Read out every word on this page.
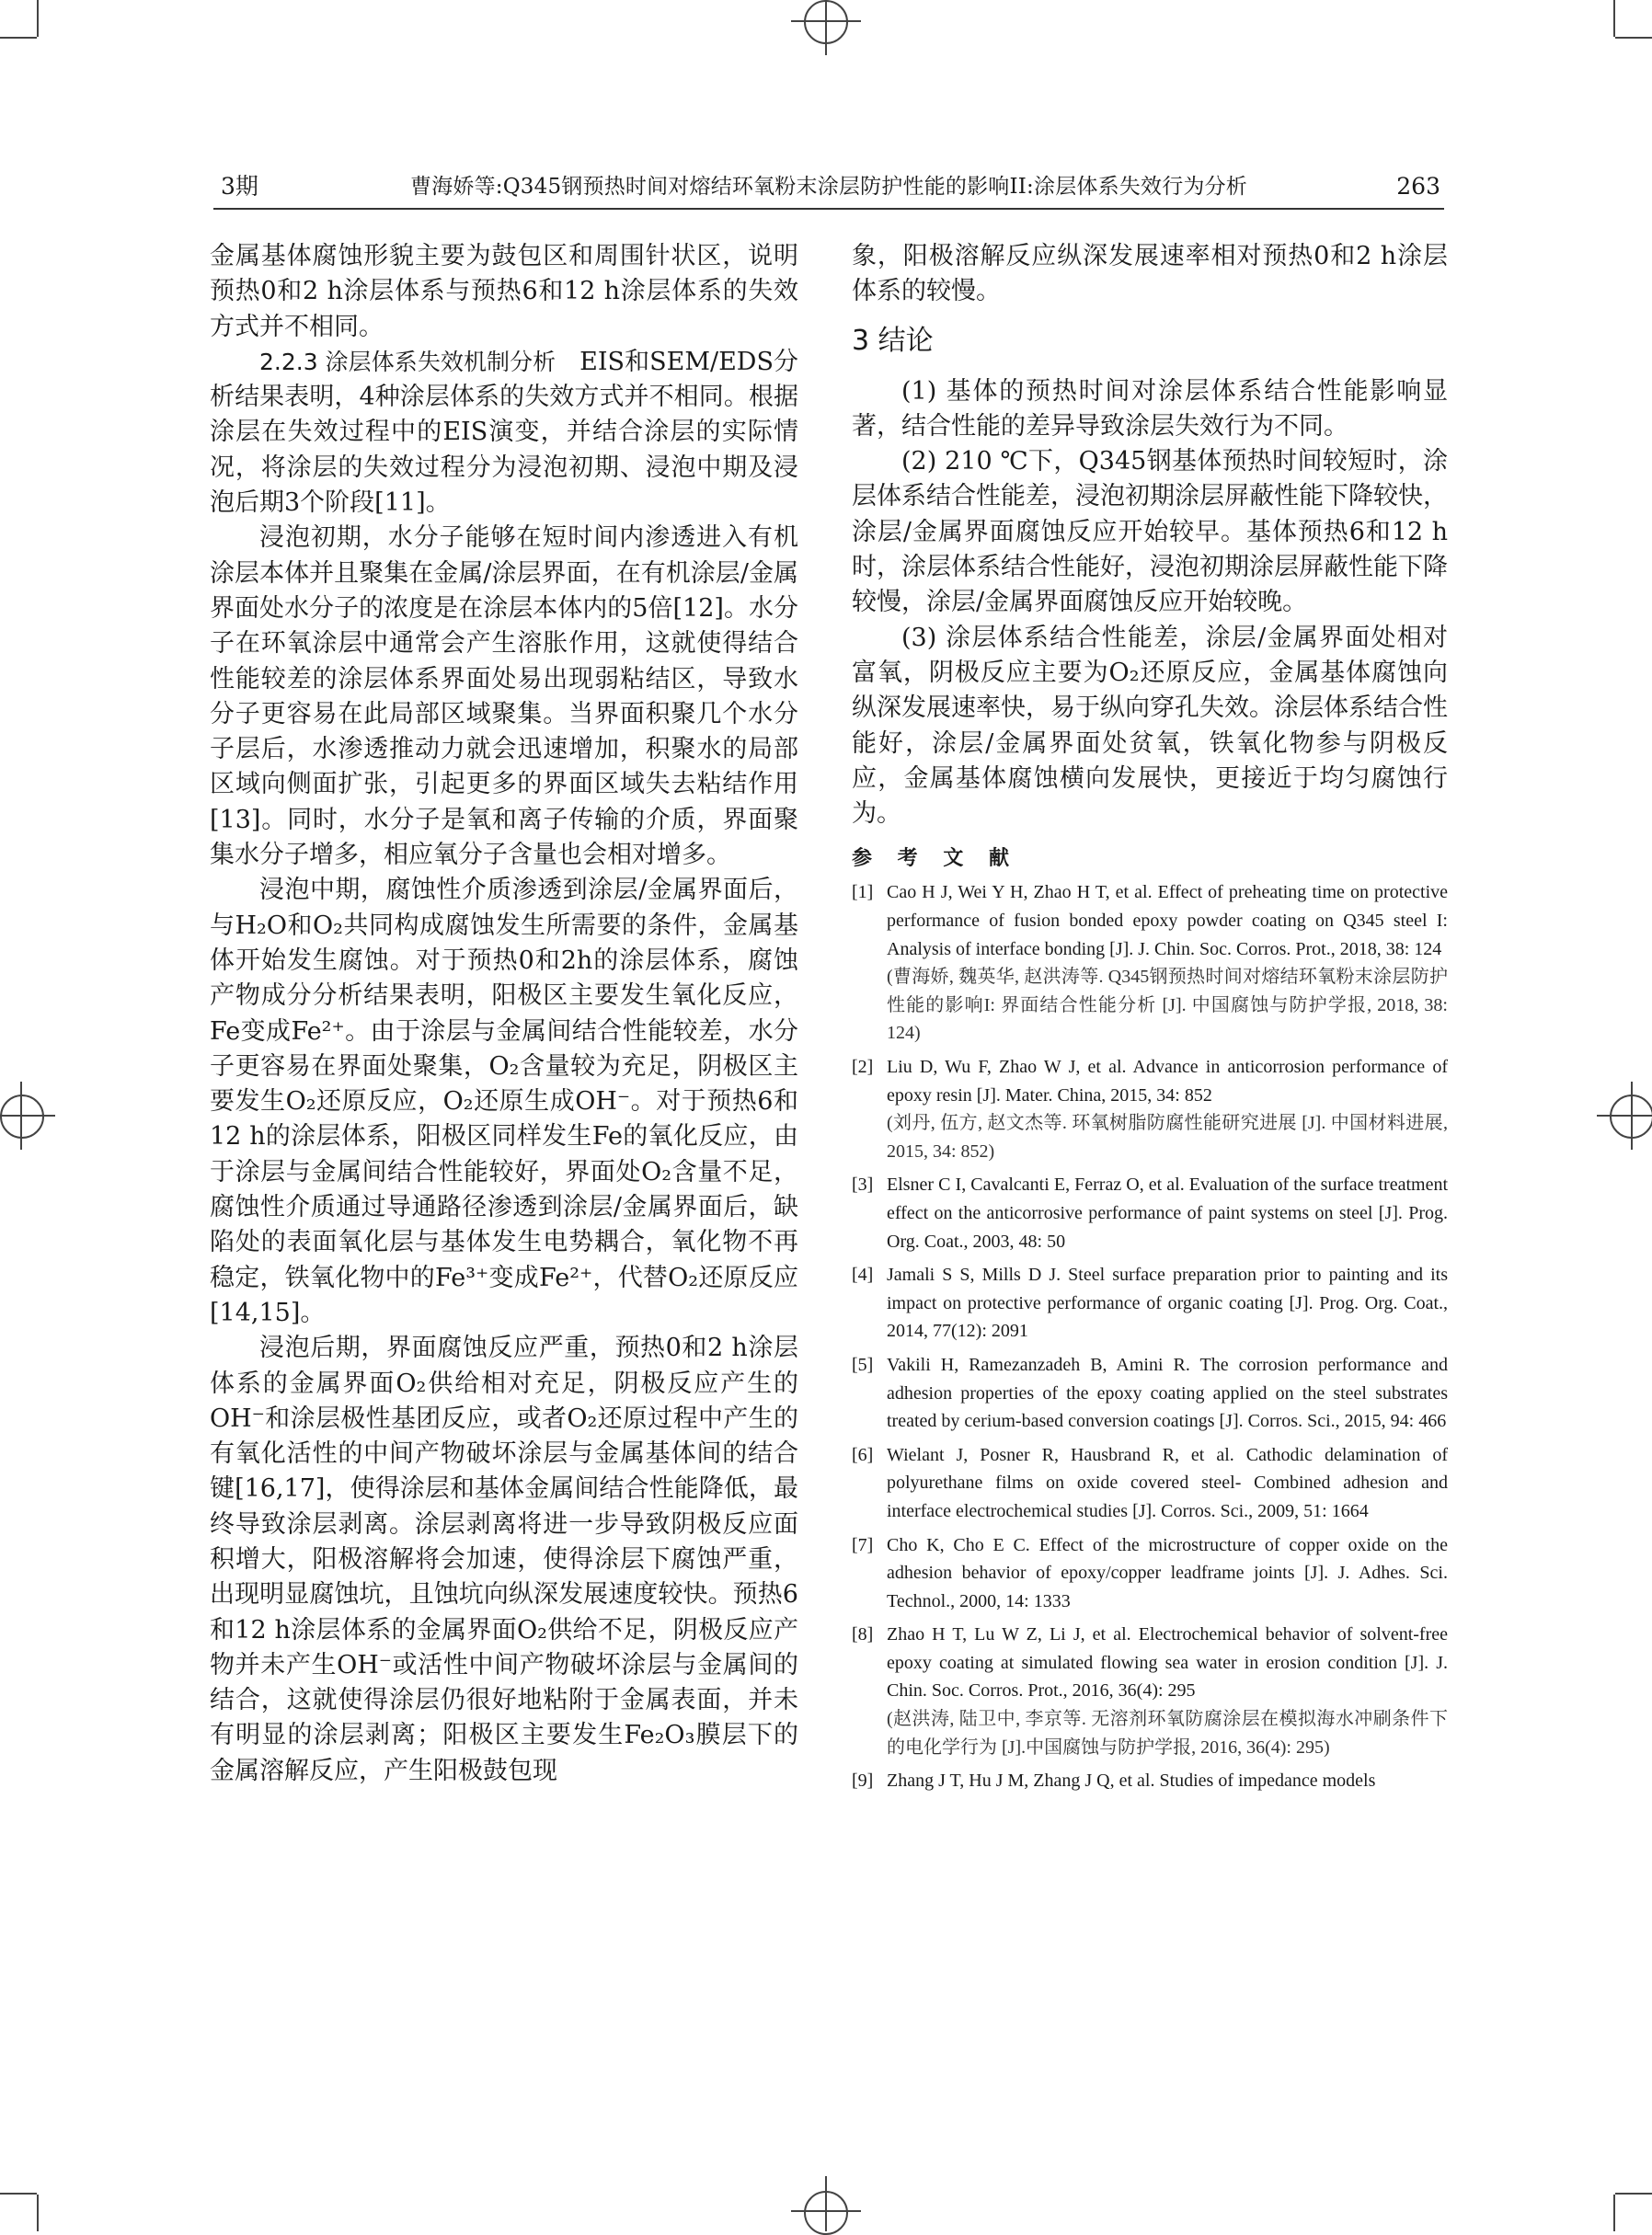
3期	曹海娇等:Q345钢预热时间对熔结环氧粉末涂层防护性能的影响II:涂层体系失效行为分析	263

金属基体腐蚀形貌主要为鼓包区和周围针状区，说明预热0和2 h涂层体系与预热6和12 h涂层体系的失效方式并不相同。

2.2.3 涂层体系失效机制分析 EIS和SEM/EDS分析结果表明，4种涂层体系的失效方式并不相同。根据涂层在失效过程中的EIS演变，并结合涂层的实际情况，将涂层的失效过程分为浸泡初期、浸泡中期及浸泡后期3个阶段[11]。

浸泡初期，水分子能够在短时间内渗透进入有机涂层本体并且聚集在金属/涂层界面，在有机涂层/金属界面处水分子的浓度是在涂层本体内的5倍[12]。水分子在环氧涂层中通常会产生溶胀作用，这就使得结合性能较差的涂层体系界面处易出现弱粘结区，导致水分子更容易在此局部区域聚集。当界面积聚几个水分子层后，水渗透推动力就会迅速增加，积聚水的局部区域向侧面扩张，引起更多的界面区域失去粘结作用[13]。同时，水分子是氧和离子传输的介质，界面聚集水分子增多，相应氧分子含量也会相对增多。

浸泡中期，腐蚀性介质渗透到涂层/金属界面后，与H₂O和O₂共同构成腐蚀发生所需要的条件，金属基体开始发生腐蚀。对于预热0和2h的涂层体系，腐蚀产物成分分析结果表明，阳极区主要发生氧化反应，Fe变成Fe²⁺。由于涂层与金属间结合性能较差，水分子更容易在界面处聚集，O₂含量较为充足，阴极区主要发生O₂还原反应，O₂还原生成OH⁻。对于预热6和12 h的涂层体系，阳极区同样发生Fe的氧化反应，由于涂层与金属间结合性能较好，界面处O₂含量不足，腐蚀性介质通过导通路径渗透到涂层/金属界面后，缺陷处的表面氧化层与基体发生电势耦合，氧化物不再稳定，铁氧化物中的Fe³⁺变成Fe²⁺，代替O₂还原反应[14,15]。

浸泡后期，界面腐蚀反应严重，预热0和2 h涂层体系的金属界面O₂供给相对充足，阴极反应产生的OH⁻和涂层极性基团反应，或者O₂还原过程中产生的有氧化活性的中间产物破坏涂层与金属基体间的结合键[16,17]，使得涂层和基体金属间结合性能降低，最终导致涂层剥离。涂层剥离将进一步导致阴极反应面积增大，阳极溶解将会加速，使得涂层下腐蚀严重，出现明显腐蚀坑，且蚀坑向纵深发展速度较快。预热6和12 h涂层体系的金属界面O₂供给不足，阴极反应产物并未产生OH⁻或活性中间产物破坏涂层与金属间的结合，这就使得涂层仍很好地粘附于金属表面，并未有明显的涂层剥离；阳极区主要发生Fe₂O₃膜层下的金属溶解反应，产生阳极鼓包现

象，阳极溶解反应纵深发展速率相对预热0和2 h涂层体系的较慢。

3 结论

(1) 基体的预热时间对涂层体系结合性能影响显著，结合性能的差异导致涂层失效行为不同。

(2) 210 ℃下，Q345钢基体预热时间较短时，涂层体系结合性能差，浸泡初期涂层屏蔽性能下降较快，涂层/金属界面腐蚀反应开始较早。基体预热6和12 h时，涂层体系结合性能好，浸泡初期涂层屏蔽性能下降较慢，涂层/金属界面腐蚀反应开始较晚。

(3) 涂层体系结合性能差，涂层/金属界面处相对富氧，阴极反应主要为O₂还原反应，金属基体腐蚀向纵深发展速率快，易于纵向穿孔失效。涂层体系结合性能好，涂层/金属界面处贫氧，铁氧化物参与阴极反应，金属基体腐蚀横向发展快，更接近于均匀腐蚀行为。

参 考 文 献

[1] Cao H J, Wei Y H, Zhao H T, et al. Effect of preheating time on protective performance of fusion bonded epoxy powder coating on Q345 steel I: Analysis of interface bonding [J]. J. Chin. Soc. Corros. Prot., 2018, 38: 124
(曹海娇, 魏英华, 赵洪涛等. Q345钢预热时间对熔结环氧粉末涂层防护性能的影响I: 界面结合性能分析 [J]. 中国腐蚀与防护学报, 2018, 38: 124)

[2] Liu D, Wu F, Zhao W J, et al. Advance in anticorrosion performance of epoxy resin [J]. Mater. China, 2015, 34: 852
(刘丹, 伍方, 赵文杰等. 环氧树脂防腐性能研究进展 [J]. 中国材料进展, 2015, 34: 852)

[3] Elsner C I, Cavalcanti E, Ferraz O, et al. Evaluation of the surface treatment effect on the anticorrosive performance of paint systems on steel [J]. Prog. Org. Coat., 2003, 48: 50

[4] Jamali S S, Mills D J. Steel surface preparation prior to painting and its impact on protective performance of organic coating [J]. Prog. Org. Coat., 2014, 77(12): 2091

[5] Vakili H, Ramezanzadeh B, Amini R. The corrosion performance and adhesion properties of the epoxy coating applied on the steel substrates treated by cerium-based conversion coatings [J]. Corros. Sci., 2015, 94: 466

[6] Wielant J, Posner R, Hausbrand R, et al. Cathodic delamination of polyurethane films on oxide covered steel- Combined adhesion and interface electrochemical studies [J]. Corros. Sci., 2009, 51: 1664

[7] Cho K, Cho E C. Effect of the microstructure of copper oxide on the adhesion behavior of epoxy/copper leadframe joints [J]. J. Adhes. Sci. Technol., 2000, 14: 1333

[8] Zhao H T, Lu W Z, Li J, et al. Electrochemical behavior of solvent-free epoxy coating at simulated flowing sea water in erosion condition [J]. J. Chin. Soc. Corros. Prot., 2016, 36(4): 295
(赵洪涛, 陆卫中, 李京等. 无溶剂环氧防腐涂层在模拟海水冲刷条件下的电化学行为 [J].中国腐蚀与防护学报, 2016, 36(4): 295)

[9] Zhang J T, Hu J M, Zhang J Q, et al. Studies of impedance models
